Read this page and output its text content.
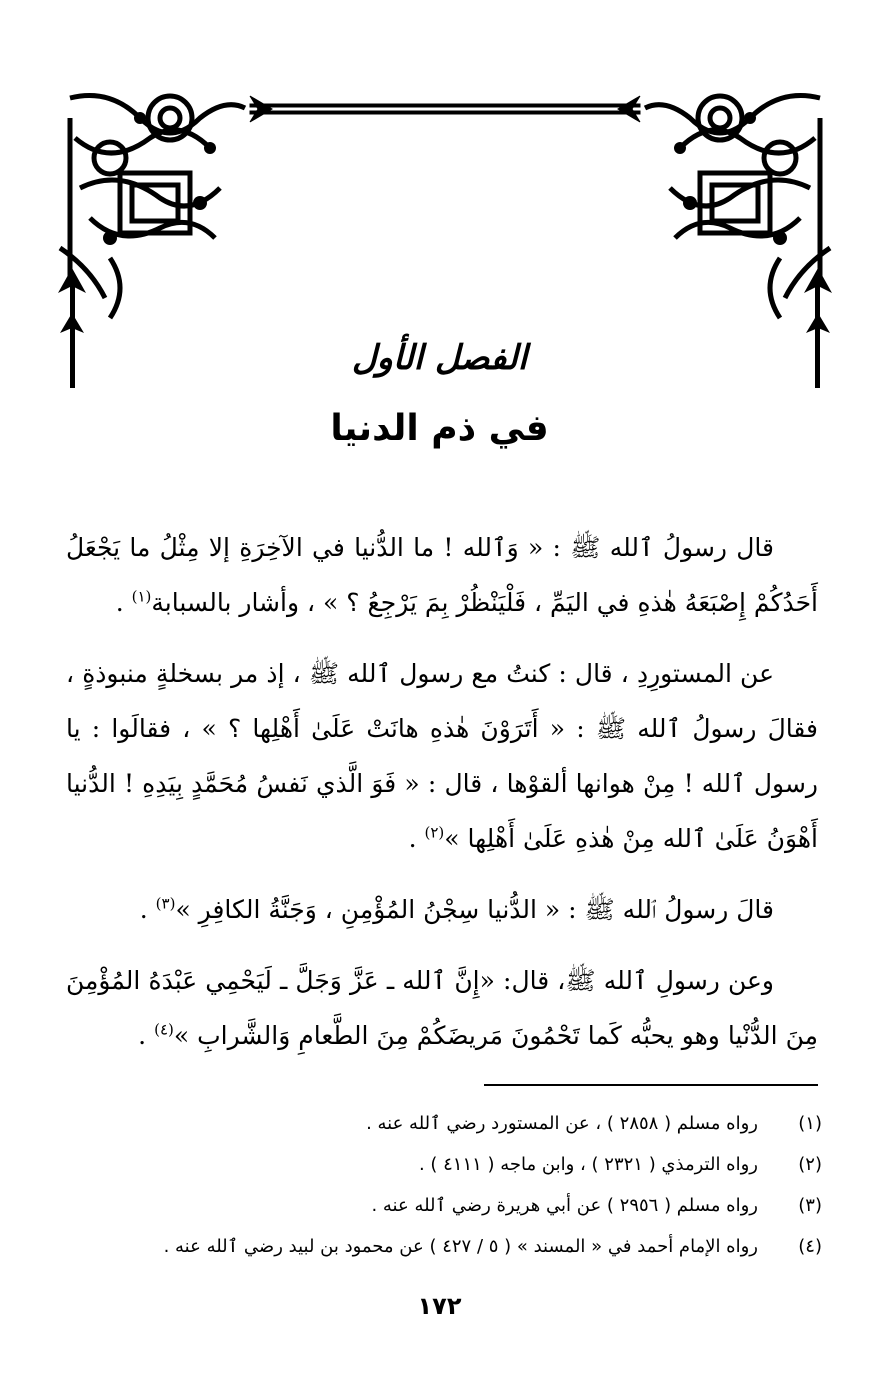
الفصل الأول
في ذم الدنيا

قال رسولُ ٱلله ﷺ : « وَٱلله ! ما الدُّنيا في الآخِرَةِ إلا مِثْلُ ما يَجْعَلُ أَحَدُكُمْ إِصْبَعَهُ هٰذهِ في اليَمِّ ، فَلْيَنْظُرْ بِمَ يَرْجِعُ ؟ » ، وأشار بالسبابة$^{(١)}$ .

عن المستورِدِ ، قال : كنتُ مع رسول ٱلله ﷺ ، إذ مر بسخلةٍ منبوذةٍ ، فقالَ رسولُ ٱلله ﷺ : « أَتَرَوْنَ هٰذهِ هانَتْ عَلَىٰ أَهْلِها ؟ » ، فقالَوا : يا رسول ٱلله ! مِنْ هوانها ألقوْها ، قال : « فَوَ الَّذي نَفسُ مُحَمَّدٍ بِيَدِهِ ! الدُّنيا أَهْوَنُ عَلَىٰ ٱلله مِنْ هٰذهِ عَلَىٰ أَهْلِها »$^{(٢)}$ .

قالَ رسولُ ٱلله ﷺ : « الدُّنيا سِجْنُ المُؤْمِنِ ، وَجَنَّةُ الكافِرِ »$^{(٣)}$ .

وعن رسولِ ٱلله ﷺ، قال: «إِنَّ ٱلله ـ عَزَّ وَجَلَّ ـ لَيَحْمِي عَبْدَهُ المُؤْمِنَ مِنَ الدُّنْيا وهو يحبُّه كَما تَحْمُونَ مَريضَكُمْ مِنَ الطَّعامِ وَالشَّرابِ »$^{(٤)}$ .

(١)
رواه مسلم ( ٢٨٥٨ ) ، عن المستورد رضي ٱلله عنه .
(٢)
رواه الترمذي ( ٢٣٢١ ) ، وابن ماجه ( ٤١١١ ) .
(٣)
رواه مسلم ( ٢٩٥٦ ) عن أبي هريرة رضي ٱلله عنه .
(٤)
رواه الإمام أحمد في « المسند » ( ٥ / ٤٢٧ ) عن محمود بن لبيد رضي ٱلله عنه .
١٧٢
